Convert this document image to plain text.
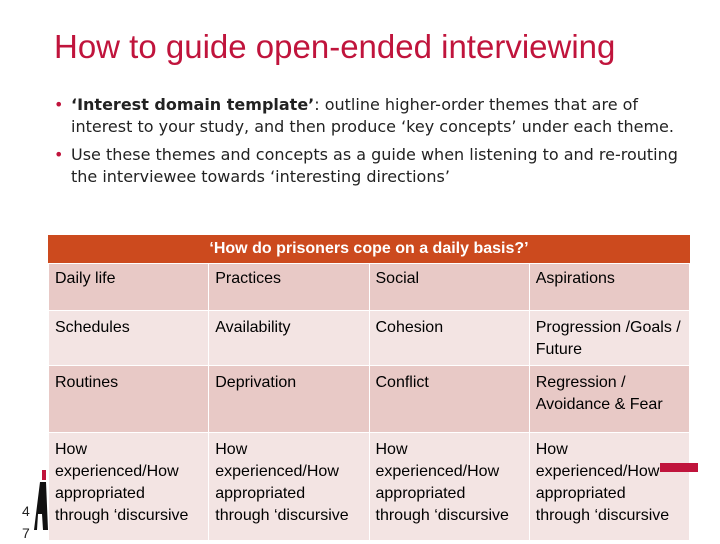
How to guide open-ended interviewing
• ‘Interest domain template’: outline higher-order themes that are of interest to your study, and then produce ‘key concepts’ under each theme.
• Use these themes and concepts as a guide when listening to and re-routing the interviewee towards ‘interesting directions’
‘How do prisoners cope on a daily basis?’
Daily life	Practices	Social	Aspirations
Schedules	Availability	Cohesion	Progression /Goals / Future
Routines	Deprivation	Conflict	Regression / Avoidance & Fear
How experienced/How appropriated through ‘discursive	How experienced/How appropriated through ‘discursive	How experienced/How appropriated through ‘discursive	How experienced/How appropriated through ‘discursive
4
7
